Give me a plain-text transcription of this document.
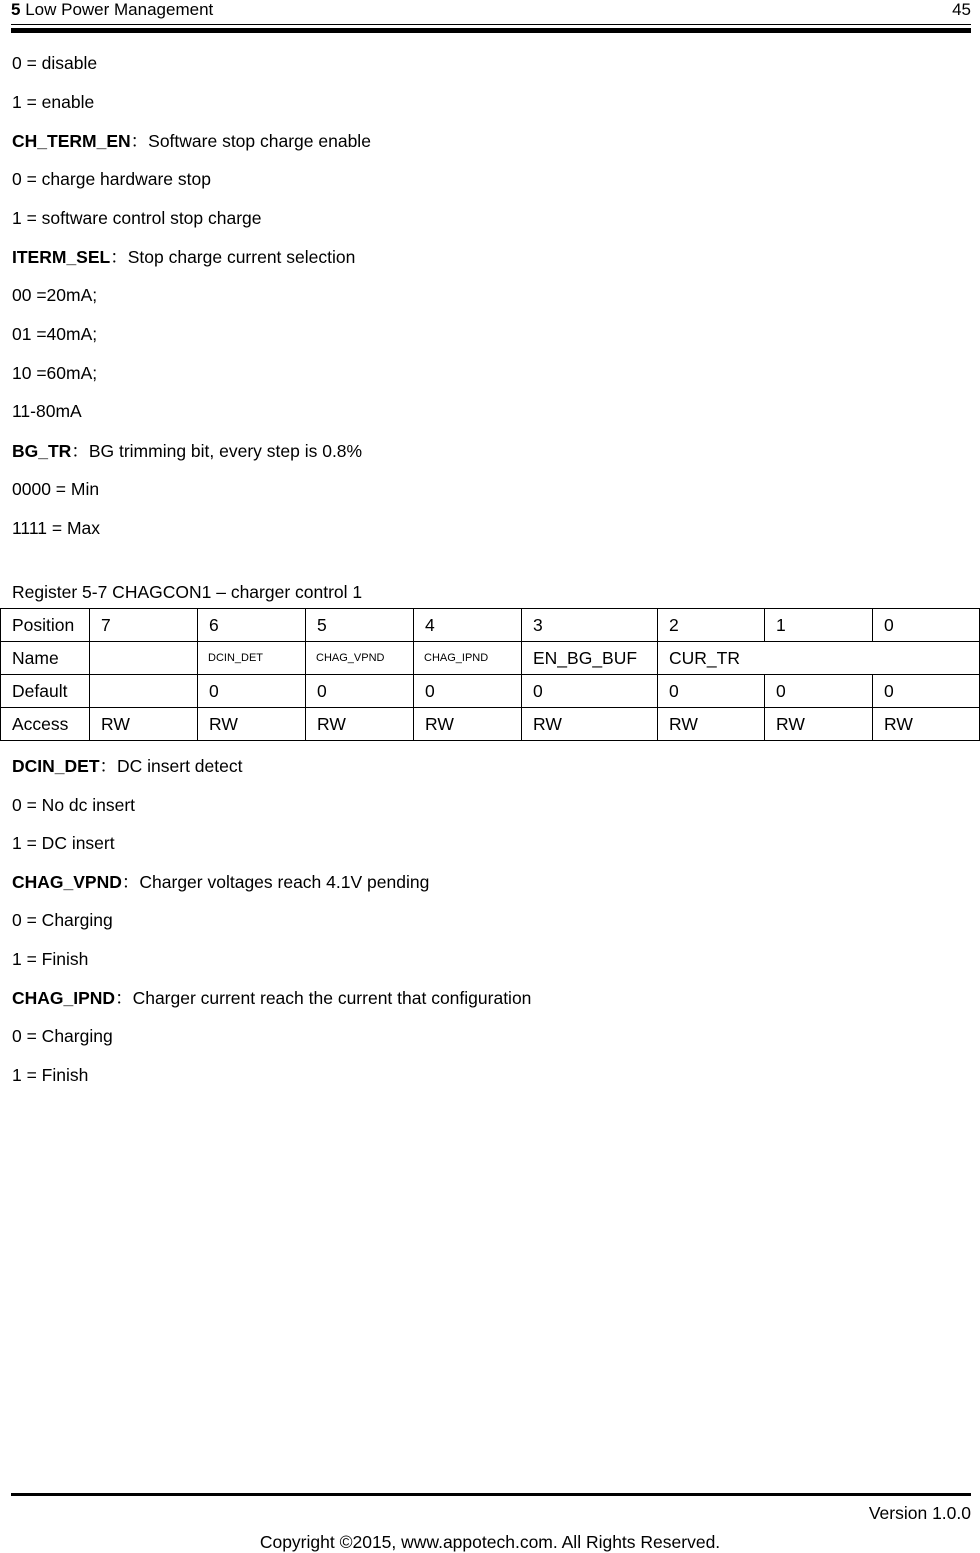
5 Low Power Management	45
0 = disable
1 = enable
CH_TERM_EN：Software stop charge enable
0 = charge hardware stop
1 = software control stop charge
ITERM_SEL：Stop charge current selection
00 =20mA;
01 =40mA;
10 =60mA;
11-80mA
BG_TR：BG trimming bit, every step is 0.8%
0000 = Min
1111 = Max
Register 5-7 CHAGCON1 – charger control 1
Position	7	6	5	4	3	2	1	0
Name		DCIN_DET	CHAG_VPND	CHAG_IPND	EN_BG_BUF	CUR_TR		
Default		0	0	0	0	0	0	0
Access	RW	RW	RW	RW	RW	RW	RW	RW
DCIN_DET：DC insert detect
0 = No dc insert
1 = DC insert
CHAG_VPND：Charger voltages reach 4.1V pending
0 = Charging
1 = Finish
CHAG_IPND：Charger current reach the current that configuration
0 = Charging
1 = Finish
Version 1.0.0
Copyright ©2015, www.appotech.com. All Rights Reserved.
